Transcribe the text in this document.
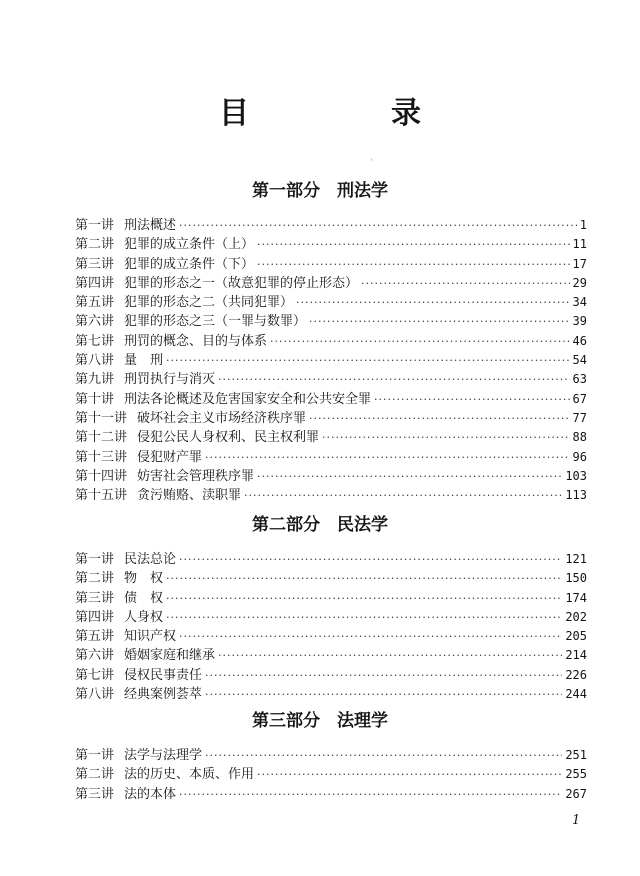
目　录
、
第一部分　刑法学
第一讲 刑法概述 ·····	1
第二讲 犯罪的成立条件（上） ·····	11
第三讲 犯罪的成立条件（下） ·····	17
第四讲 犯罪的形态之一（故意犯罪的停止形态） ·····	29
第五讲 犯罪的形态之二（共同犯罪） ·····	34
第六讲 犯罪的形态之三（一罪与数罪） ·····	39
第七讲 刑罚的概念、目的与体系 ·····	46
第八讲 量　刑 ·····	54
第九讲 刑罚执行与消灭 ·····	63
第十讲 刑法各论概述及危害国家安全和公共安全罪 ·····	67
第十一讲 破坏社会主义市场经济秩序罪 ·····	77
第十二讲 侵犯公民人身权利、民主权利罪 ·····	88
第十三讲 侵犯财产罪 ·····	96
第十四讲 妨害社会管理秩序罪 ·····	103
第十五讲 贪污贿赂、渎职罪 ·····	113
第二部分　民法学
第一讲 民法总论 ·····	121
第二讲 物　权 ·····	150
第三讲 债　权 ·····	174
第四讲 人身权 ·····	202
第五讲 知识产权 ·····	205
第六讲 婚姻家庭和继承 ·····	214
第七讲 侵权民事责任 ·····	226
第八讲 经典案例荟萃 ·····	244
第三部分　法理学
第一讲 法学与法理学 ·····	251
第二讲 法的历史、本质、作用 ·····	255
第三讲 法的本体 ·····	267
1
